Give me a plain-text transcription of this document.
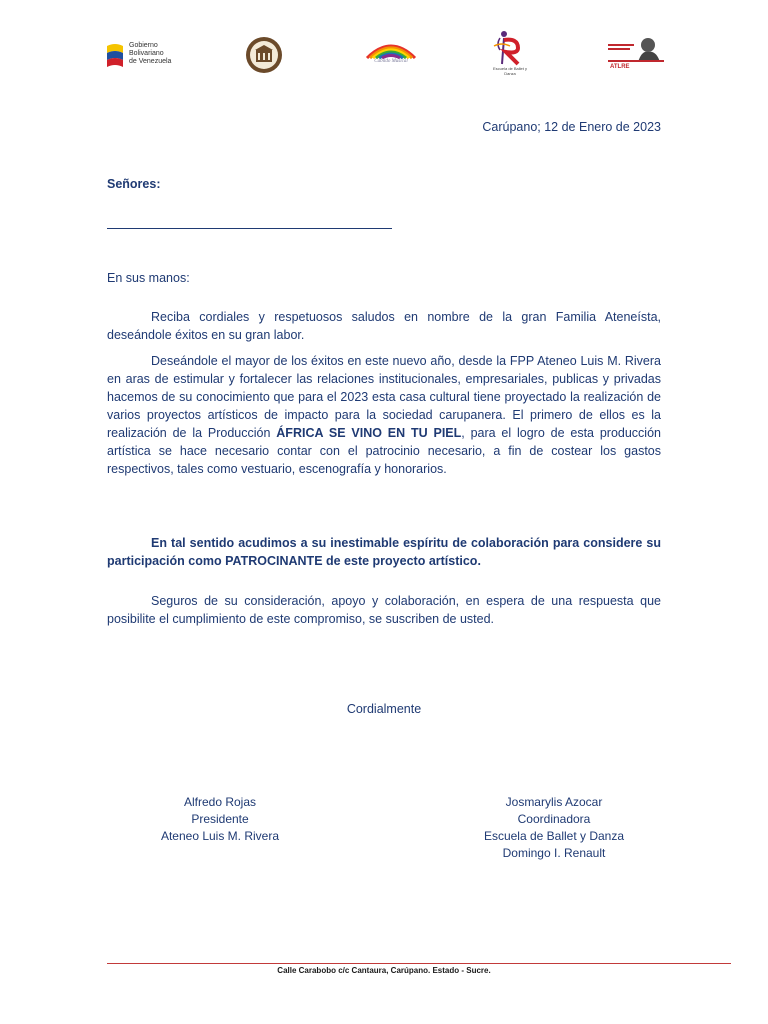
Gobierno
Bolivariano
de Venezuela	Cabildo Musical
Escuela de Ballet y Danza
ATLRE
Carúpano; 12 de Enero de 2023
Señores:
En sus manos:

Reciba cordiales y respetuosos saludos en nombre de la gran Familia Ateneísta, deseándole éxitos en su gran labor.

Deseándole el mayor de los éxitos en este nuevo año, desde la FPP Ateneo Luis M. Rivera en aras de estimular y fortalecer las relaciones institucionales, empresariales, publicas y privadas hacemos de su conocimiento que para el 2023 esta casa cultural tiene proyectado la realización de varios proyectos artísticos de impacto para la sociedad carupanera. El primero de ellos es la realización de la Producción ÁFRICA SE VINO EN TU PIEL, para el logro de esta producción artística se hace necesario contar con el patrocinio necesario, a fin de costear los gastos respectivos, tales como vestuario, escenografía y honorarios.

En tal sentido acudimos a su inestimable espíritu de colaboración para considere su participación como PATROCINANTE de este proyecto artístico.

Seguros de su consideración, apoyo y colaboración, en espera de una respuesta que posibilite el cumplimiento de este compromiso, se suscriben de usted.

Cordialmente
Alfredo Rojas
Presidente
Ateneo Luis M. Rivera
Josmarylis Azocar
Coordinadora
Escuela de Ballet y Danza
Domingo I. Renault
Calle Carabobo c/c Cantaura, Carúpano. Estado - Sucre.
